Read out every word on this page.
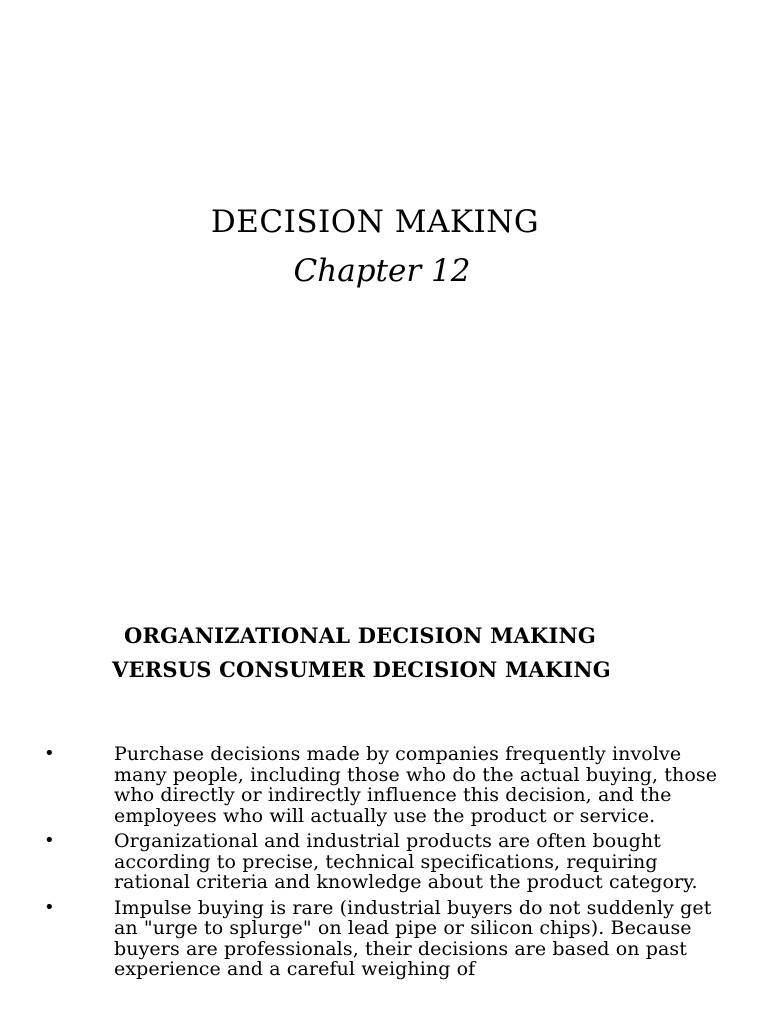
DECISION MAKING
Chapter 12
ORGANIZATIONAL DECISION MAKING
VERSUS CONSUMER DECISION MAKING
•	Purchase decisions made by companies frequently involve many people, including those who do the actual buying, those who directly or indirectly influence this decision, and the employees who will actually use the product or service.
•	Organizational and industrial products are often bought according to precise, technical specifications, requiring rational criteria and knowledge about the product category.
•	Impulse buying is rare (industrial buyers do not suddenly get an "urge to splurge" on lead pipe or silicon chips). Because buyers are professionals, their decisions are based on past experience and a careful weighing of
